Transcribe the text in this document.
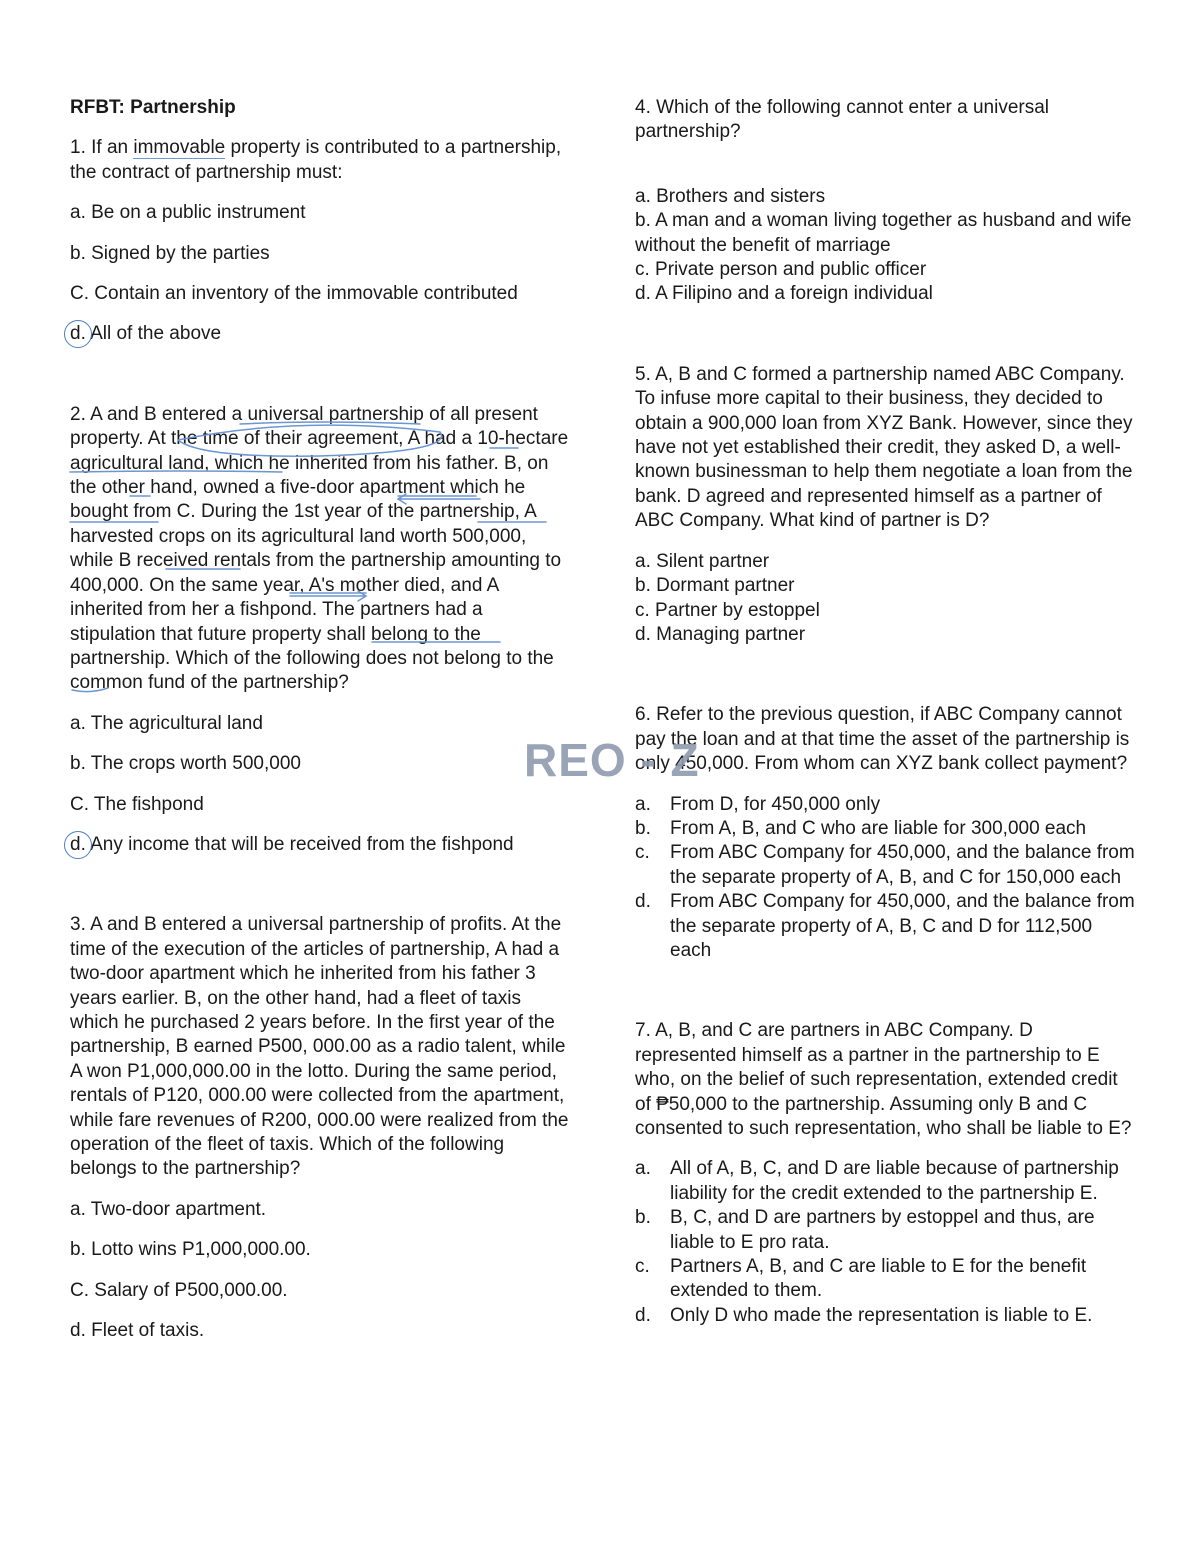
RFBT: Partnership

1. If an immovable property is contributed to a partnership, the contract of partnership must:

a. Be on a public instrument

b. Signed by the parties

C. Contain an inventory of the immovable contributed

d. All of the above

2. A and B entered a universal partnership of all present property. At the time of their agreement, A had a 10-hectare agricultural land, which he inherited from his father. B, on the other hand, owned a five-door apartment which he bought from C. During the 1st year of the partnership, A harvested crops on its agricultural land worth 500,000, while B received rentals from the partnership amounting to 400,000. On the same year, A's mother died, and A inherited from her a fishpond. The partners had a stipulation that future property shall belong to the partnership. Which of the following does not belong to the common fund of the partnership?

a. The agricultural land

b. The crops worth 500,000

C. The fishpond

d. Any income that will be received from the fishpond

3. A and B entered a universal partnership of profits. At the time of the execution of the articles of partnership, A had a two-door apartment which he inherited from his father 3 years earlier. B, on the other hand, had a fleet of taxis which he purchased 2 years before. In the first year of the partnership, B earned P500, 000.00 as a radio talent, while A won P1,000,000.00 in the lotto. During the same period, rentals of P120, 000.00 were collected from the apartment, while fare revenues of R200, 000.00 were realized from the operation of the fleet of taxis. Which of the following belongs to the partnership?

a. Two-door apartment.

b. Lotto wins P1,000,000.00.

C. Salary of P500,000.00.

d. Fleet of taxis.

4. Which of the following cannot enter a universal partnership?

a. Brothers and sisters

b. A man and a woman living together as husband and wife without the benefit of marriage

c. Private person and public officer

d. A Filipino and a foreign individual

5. A, B and C formed a partnership named ABC Company. To infuse more capital to their business, they decided to obtain a 900,000 loan from XYZ Bank. However, since they have not yet established their credit, they asked D, a well-known businessman to help them negotiate a loan from the bank. D agreed and represented himself as a partner of ABC Company. What kind of partner is D?

a. Silent partner

b. Dormant partner

c. Partner by estoppel

d. Managing partner

6. Refer to the previous question, if ABC Company cannot pay the loan and at that time the asset of the partnership is only 450,000. From whom can XYZ bank collect payment?

a.	From D, for 450,000 only
b.	From A, B, and C who are liable for 300,000 each
c.	From ABC Company for 450,000, and the balance from the separate property of A, B, and C for 150,000 each
d.	From ABC Company for 450,000, and the balance from the separate property of A, B, C and D for 112,500 each

7. A, B, and C are partners in ABC Company. D represented himself as a partner in the partnership to E who, on the belief of such representation, extended credit of ₱50,000 to the partnership. Assuming only B and C consented to such representation, who shall be liable to E?

a.	All of A, B, C, and D are liable because of partnership liability for the credit extended to the partnership E.
b.	B, C, and D are partners by estoppel and thus, are liable to E pro rata.
c.	Partners A, B, and C are liable to E for the benefit extended to them.
d.	Only D who made the representation is liable to E.
REO - Z
